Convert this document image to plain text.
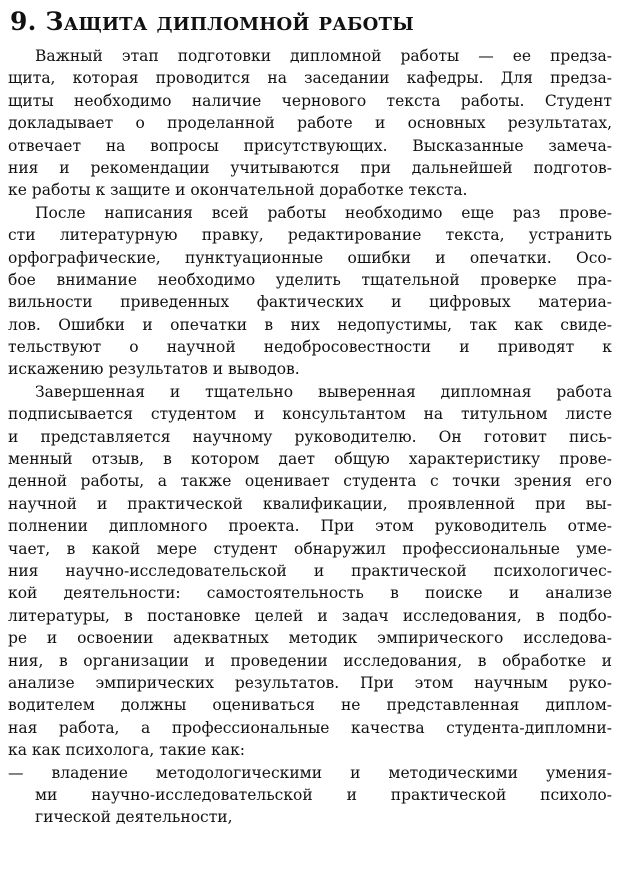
9. Защита дипломной работы
Важный этап подготовки дипломной работы — ее предза-
щита, которая проводится на заседании кафедры. Для предза-
щиты необходимо наличие чернового текста работы. Студент
докладывает о проделанной работе и основных результатах,
отвечает на вопросы присутствующих. Высказанные замеча-
ния и рекомендации учитываются при дальнейшей подготов-
ке работы к защите и окончательной доработке текста.
После написания всей работы необходимо еще раз прове-
сти литературную правку, редактирование текста, устранить
орфографические, пунктуационные ошибки и опечатки. Осо-
бое внимание необходимо уделить тщательной проверке пра-
вильности приведенных фактических и цифровых материа-
лов. Ошибки и опечатки в них недопустимы, так как свиде-
тельствуют о научной недобросовестности и приводят к
искажению результатов и выводов.
Завершенная и тщательно выверенная дипломная работа
подписывается студентом и консультантом на титульном листе
и представляется научному руководителю. Он готовит пись-
менный отзыв, в котором дает общую характеристику прове-
денной работы, а также оценивает студента с точки зрения его
научной и практической квалификации, проявленной при вы-
полнении дипломного проекта. При этом руководитель отме-
чает, в какой мере студент обнаружил профессиональные уме-
ния научно-исследовательской и практической психологичес-
кой деятельности: самостоятельность в поиске и анализе
литературы, в постановке целей и задач исследования, в подбо-
ре и освоении адекватных методик эмпирического исследова-
ния, в организации и проведении исследования, в обработке и
анализе эмпирических результатов. При этом научным руко-
водителем должны оцениваться не представленная диплом-
ная работа, а профессиональные качества студента-дипломни-
ка как психолога, такие как:
— владение методологическими и методическими умения-
ми научно-исследовательской и практической психоло-
гической деятельности,
